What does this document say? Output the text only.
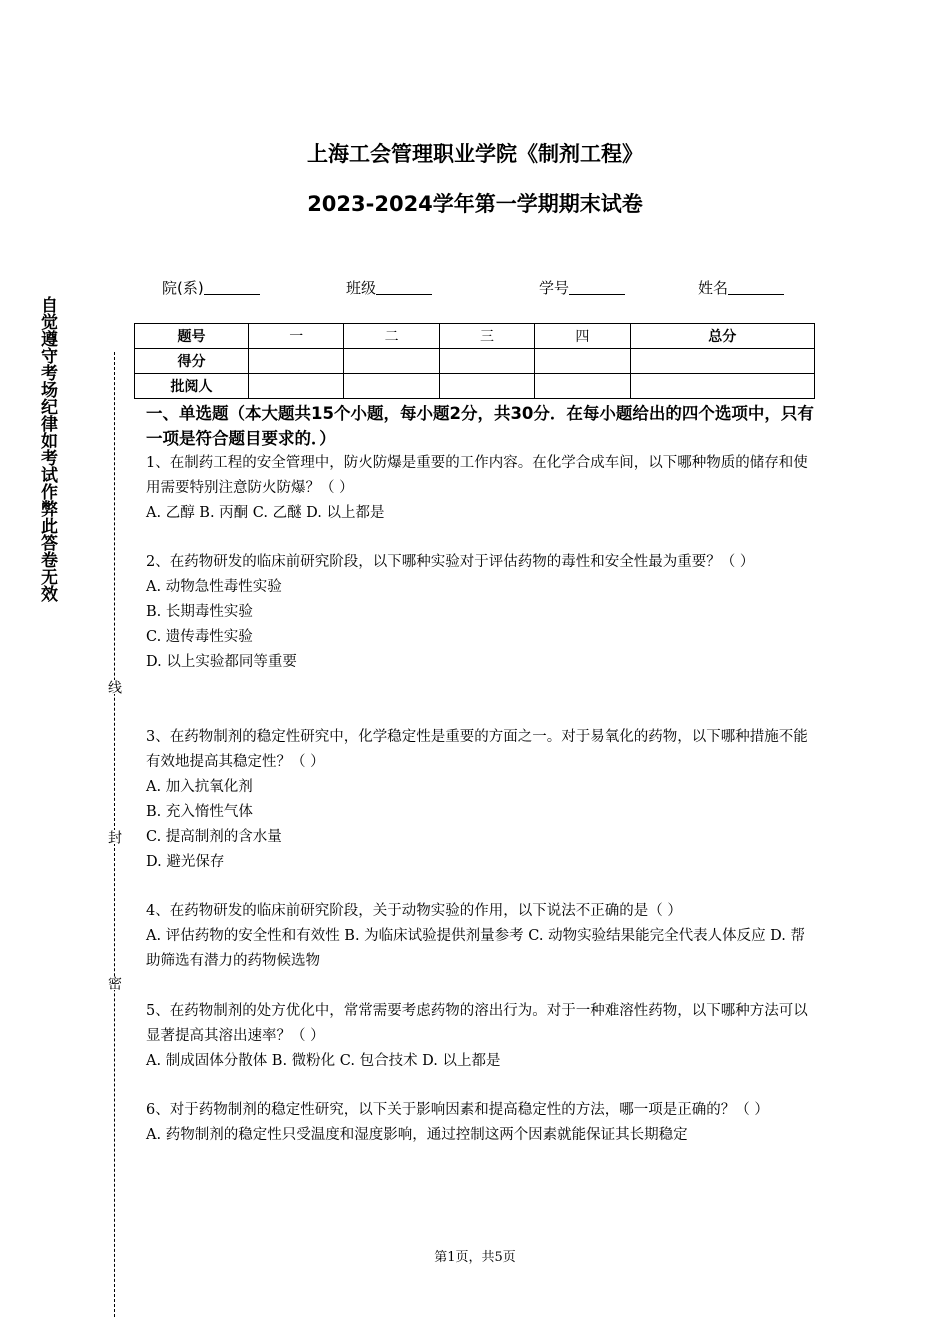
上海工会管理职业学院《制剂工程》
2023-2024学年第一学期期末试卷
自觉遵守考场纪律如考试作弊此答卷无效
线
封
密
院(系)	班级	学号	姓名
题号	一	二	三	四	总分
得分					
批阅人					
一、单选题（本大题共15个小题，每小题2分，共30分．在每小题给出的四个选项中，只有一项是符合题目要求的．）

1、在制药工程的安全管理中，防火防爆是重要的工作内容。在化学合成车间，以下哪种物质的储存和使用需要特别注意防火防爆？（ ）

A. 乙醇 B. 丙酮 C. 乙醚 D. 以上都是

2、在药物研发的临床前研究阶段，以下哪种实验对于评估药物的毒性和安全性最为重要？（ ）

A. 动物急性毒性实验

B. 长期毒性实验

C. 遗传毒性实验

D. 以上实验都同等重要

3、在药物制剂的稳定性研究中，化学稳定性是重要的方面之一。对于易氧化的药物，以下哪种措施不能有效地提高其稳定性？（ ）

A. 加入抗氧化剂

B. 充入惰性气体

C. 提高制剂的含水量

D. 避光保存

4、在药物研发的临床前研究阶段，关于动物实验的作用，以下说法不正确的是（ ）

A. 评估药物的安全性和有效性 B. 为临床试验提供剂量参考 C. 动物实验结果能完全代表人体反应 D. 帮助筛选有潜力的药物候选物

5、在药物制剂的处方优化中，常常需要考虑药物的溶出行为。对于一种难溶性药物，以下哪种方法可以显著提高其溶出速率？（ ）

A. 制成固体分散体 B. 微粉化 C. 包合技术 D. 以上都是

6、对于药物制剂的稳定性研究，以下关于影响因素和提高稳定性的方法，哪一项是正确的？（ ）

A. 药物制剂的稳定性只受温度和湿度影响，通过控制这两个因素就能保证其长期稳定

第1页，共5页
